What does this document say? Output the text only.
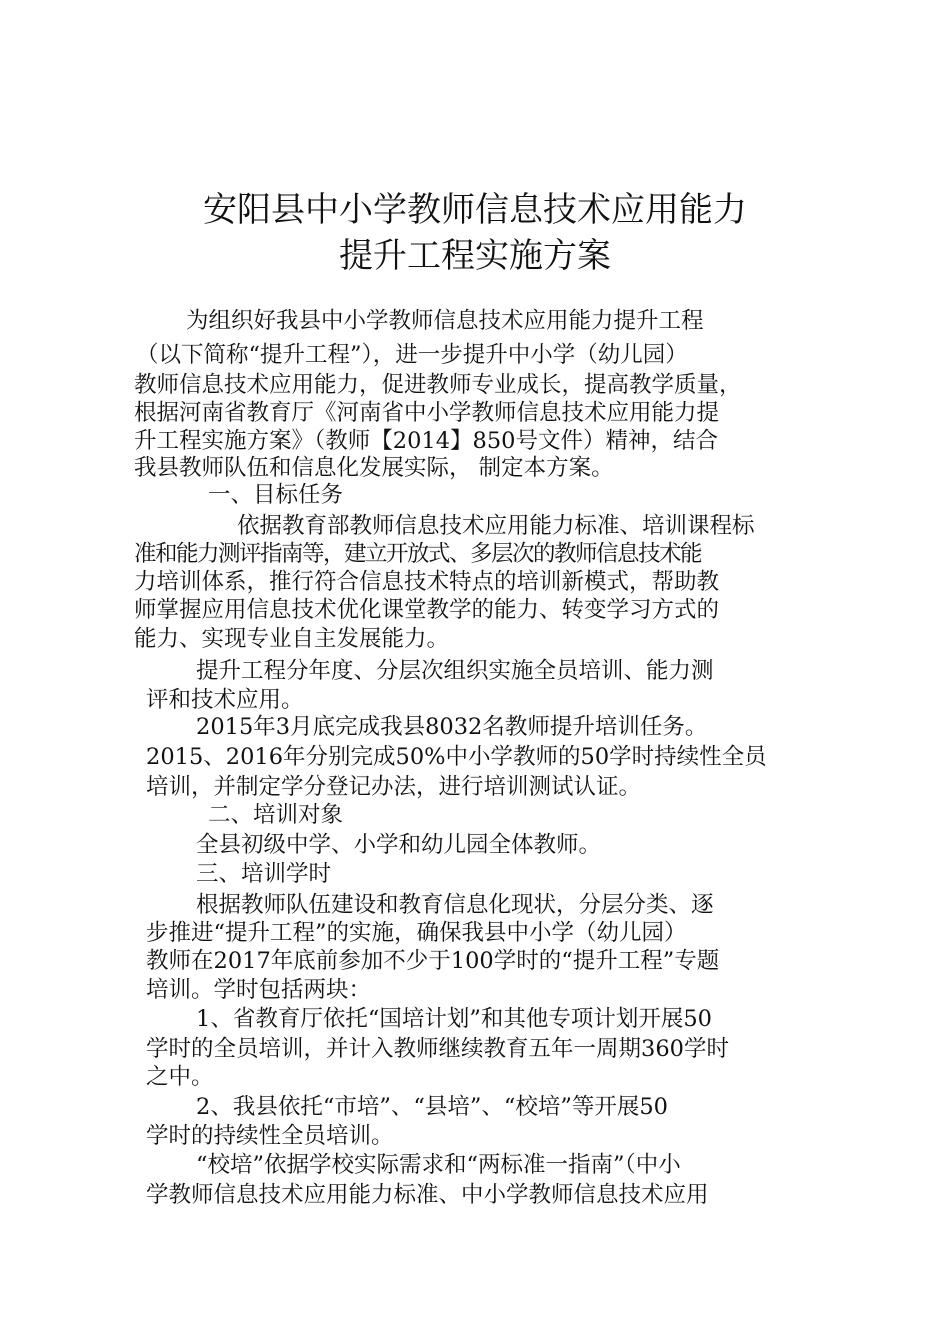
安阳县中小学教师信息技术应用能力
提升工程实施方案
为组织好我县中小学教师信息技术应用能力提升工程
（以下简称“提升工程”），进一步提升中小学（幼儿园）
教师信息技术应用能力，促进教师专业成长，提高教学质量，
根据河南省教育厅《河南省中小学教师信息技术应用能力提
升工程实施方案》（教师【2014】850号文件）精神，结合
我县教师队伍和信息化发展实际， 制定本方案。
一、目标任务
依据教育部教师信息技术应用能力标准、培训课程标
准和能力测评指南等，建立开放式、多层次的教师信息技术能
力培训体系，推行符合信息技术特点的培训新模式，帮助教
师掌握应用信息技术优化课堂教学的能力、转变学习方式的
能力、实现专业自主发展能力。
提升工程分年度、分层次组织实施全员培训、能力测
评和技术应用。
2015年3月底完成我县8032名教师提升培训任务。
2015、2016年分别完成50%中小学教师的50学时持续性全员
培训，并制定学分登记办法，进行培训测试认证。
二、培训对象
全县初级中学、小学和幼儿园全体教师。
三、培训学时
根据教师队伍建设和教育信息化现状，分层分类、逐
步推进“提升工程”的实施，确保我县中小学（幼儿园）
教师在2017年底前参加不少于100学时的“提升工程”专题
培训。学时包括两块：
1、省教育厅依托“国培计划”和其他专项计划开展50
学时的全员培训，并计入教师继续教育五年一周期360学时
之中。
2、我县依托“市培”、“县培”、“校培”等开展50
学时的持续性全员培训。
“校培”依据学校实际需求和“两标准一指南”（中小
学教师信息技术应用能力标准、中小学教师信息技术应用
